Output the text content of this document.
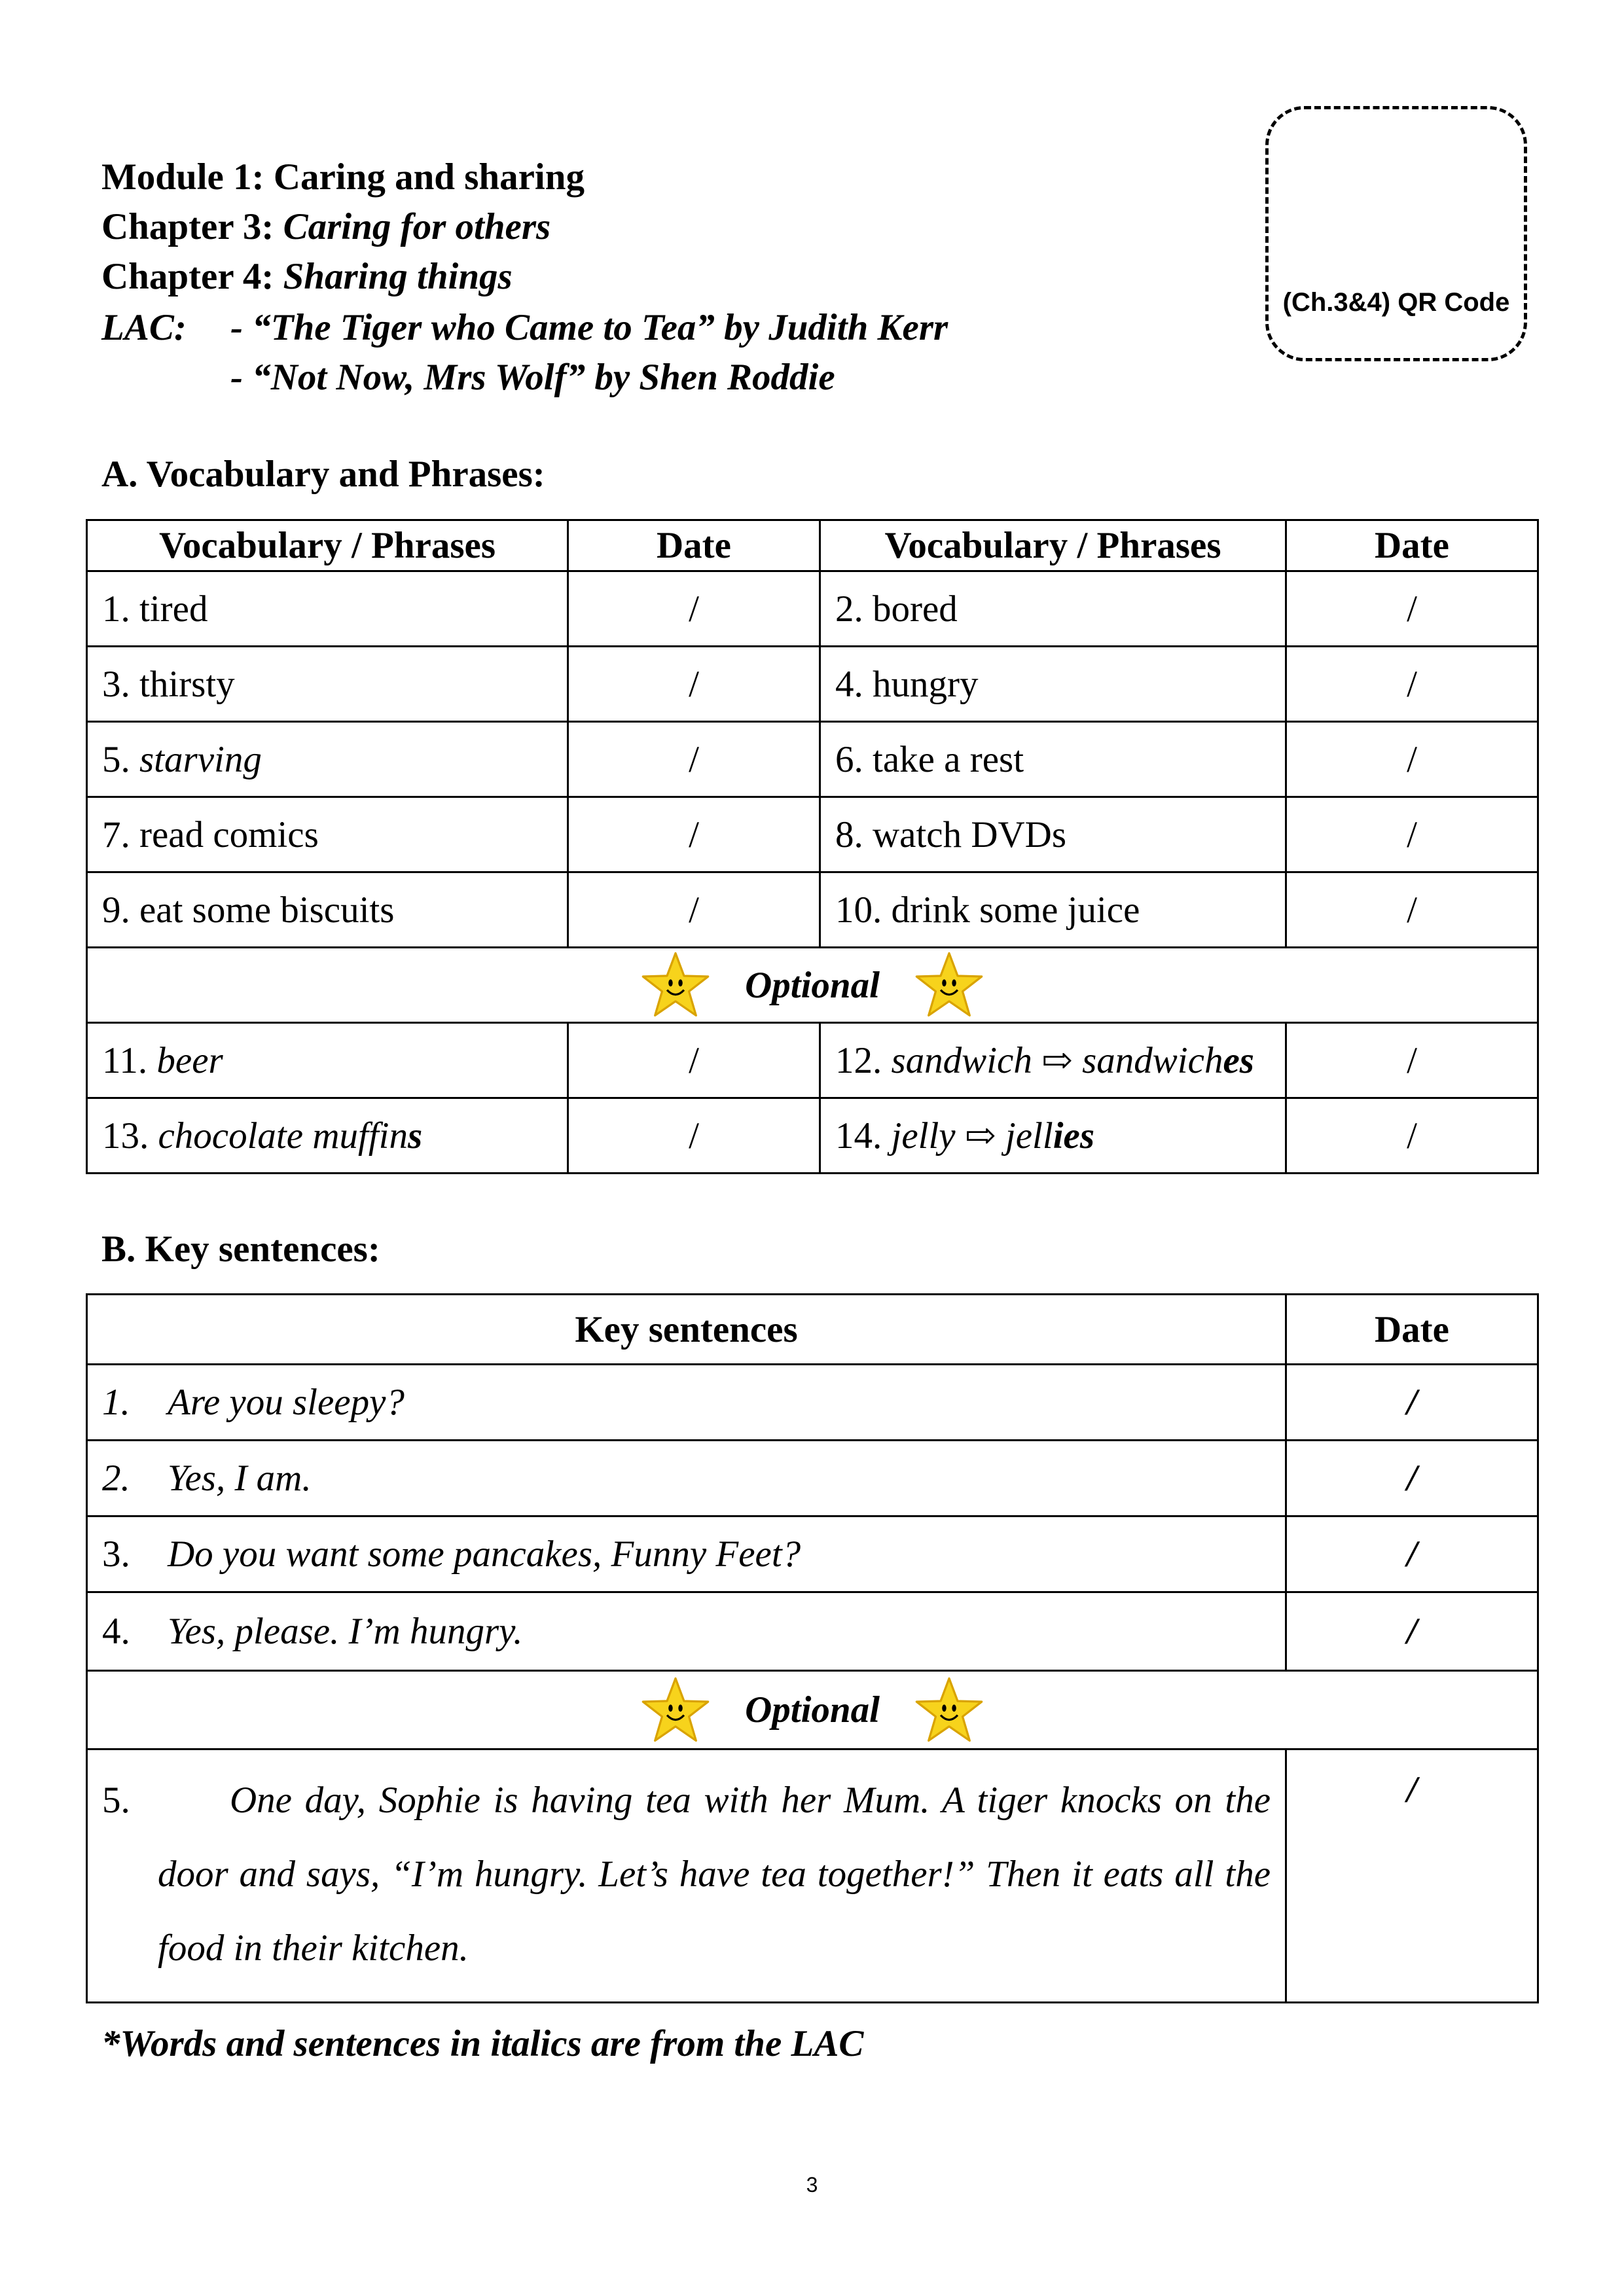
Module 1: Caring and sharing
Chapter 3: Caring for others
Chapter 4: Sharing things
LAC: - “The Tiger who Came to Tea” by Judith Kerr
- “Not Now, Mrs Wolf” by Shen Roddie
(Ch.3&4) QR Code
A. Vocabulary and Phrases:
Vocabulary / Phrases	Date	Vocabulary / Phrases	Date
1. tired	/	2. bored	/
3. thirsty	/	4. hungry	/
5. starving	/	6. take a rest	/
7. read comics	/	8. watch DVDs	/
9. eat some biscuits	/	10. drink some juice	/
Optional			
11. beer	/	12. sandwich ⇨ sandwiches	/
13. chocolate muffins	/	14. jelly ⇨ jellies	/
B. Key sentences:
Key sentences	Date
1. Are you sleepy?	/
2. Yes, I am.	/
3. Do you want some pancakes, Funny Feet?	/
4. Yes, please. I’m hungry.	/
Optional	

5. One day, Sophie is having tea with her Mum. A tiger knocks on the door and says, “I’m hungry. Let’s have tea together!” Then it eats all the food in their kitchen.	/
*Words and sentences in italics are from the LAC
3
